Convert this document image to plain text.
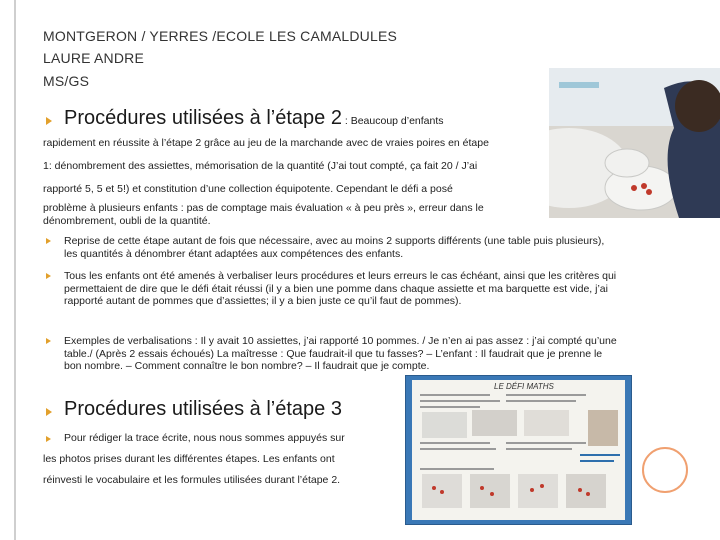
MONTGERON / YERRES /ECOLE LES CAMALDULES
LAURE ANDRE
MS/GS
Procédures utilisées à l’étape 2 : Beaucoup d’enfants
rapidement en réussite à l’étape 2 grâce au jeu de la marchande avec de vraies poires en étape
1: dénombrement des assiettes, mémorisation de la quantité (J’ai tout compté, ça fait 20 / J’ai
rapporté 5, 5 et 5!) et constitution d’une collection équipotente. Cependant le défi a posé
problème à plusieurs enfants : pas de comptage mais évaluation « à peu près », erreur dans le
dénombrement, oubli de la quantité.
Reprise de cette étape autant de fois que nécessaire, avec au moins 2 supports différents (une table puis plusieurs), les quantités à dénombrer étant adaptées aux compétences des enfants.
Tous les enfants ont été amenés à verbaliser leurs procédures et leurs erreurs le cas échéant, ainsi que les critères qui permettaient de dire que le défi était réussi (il y a bien une pomme dans chaque assiette et ma barquette est vide, j’ai rapporté autant de pommes que d’assiettes; il y a bien juste ce qu’il faut de pommes).
Exemples de verbalisations : Il y avait 10 assiettes, j’ai rapporté 10 pommes. / Je n’en ai pas assez : j’ai compté qu’une table./ (Après 2 essais échoués) La maîtresse : Que faudrait-il que tu fasses? – L’enfant : Il faudrait que je prenne le bon nombre. – Comment connaître le bon nombre? – Il faudrait que je compte.
Procédures utilisées à l’étape 3
Pour rédiger la trace écrite, nous nous sommes appuyés sur
les photos prises durant les différentes étapes. Les enfants ont
réinvesti le vocabulaire et les formules utilisées durant l’étape 2.
LE DÉFI MATHS
